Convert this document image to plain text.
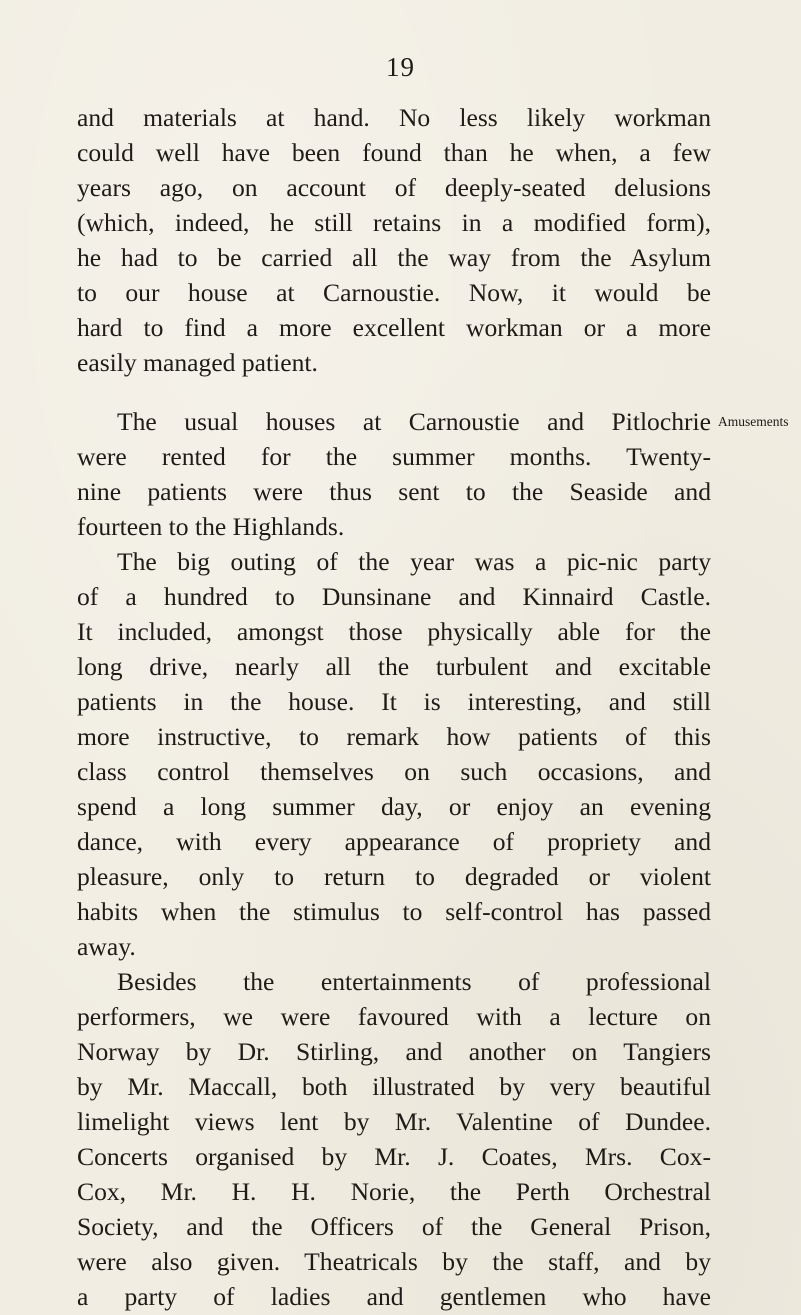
19
and materials at hand. No less likely workman
could well have been found than he when, a few
years ago, on account of deeply-seated delusions
(which, indeed, he still retains in a modified form),
he had to be carried all the way from the Asylum
to our house at Carnoustie. Now, it would be
hard to find a more excellent workman or a more
easily managed patient.
The usual houses at Carnoustie and Pitlochrie Amusements
were rented for the summer months. Twenty-
nine patients were thus sent to the Seaside and
fourteen to the Highlands.
The big outing of the year was a pic-nic party
of a hundred to Dunsinane and Kinnaird Castle.
It included, amongst those physically able for the
long drive, nearly all the turbulent and excitable
patients in the house. It is interesting, and still
more instructive, to remark how patients of this
class control themselves on such occasions, and
spend a long summer day, or enjoy an evening
dance, with every appearance of propriety and
pleasure, only to return to degraded or violent
habits when the stimulus to self-control has passed
away.
Besides the entertainments of professional
performers, we were favoured with a lecture on
Norway by Dr. Stirling, and another on Tangiers
by Mr. Maccall, both illustrated by very beautiful
limelight views lent by Mr. Valentine of Dundee.
Concerts organised by Mr. J. Coates, Mrs. Cox-
Cox, Mr. H. H. Norie, the Perth Orchestral
Society, and the Officers of the General Prison,
were also given. Theatricals by the staff, and by
a party of ladies and gentlemen who have
